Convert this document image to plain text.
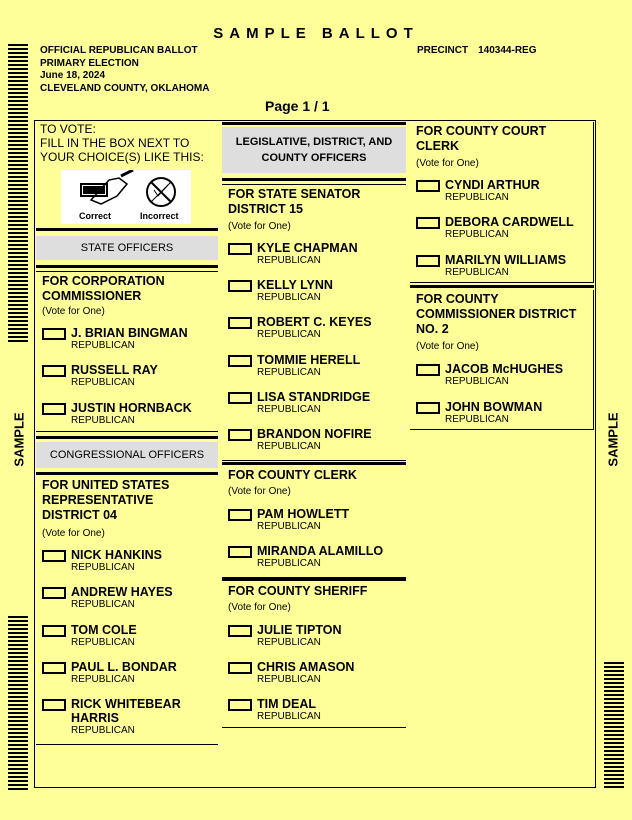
SAMPLE BALLOT
OFFICIAL REPUBLICAN BALLOT
PRIMARY ELECTION
June 18, 2024
CLEVELAND COUNTY, OKLAHOMA
PRECINCT 140344-REG
Page 1 / 1
SAMPLE	SAMPLE
TO VOTE:
FILL IN THE BOX NEXT TO YOUR CHOICE(S) LIKE THIS:
Correct	Incorrect
STATE OFFICERS
FOR CORPORATION COMMISSIONER
(Vote for One)
J. BRIAN BINGMAN
REPUBLICAN
RUSSELL RAY
REPUBLICAN
JUSTIN HORNBACK
REPUBLICAN
CONGRESSIONAL OFFICERS
FOR UNITED STATES REPRESENTATIVE DISTRICT 04
(Vote for One)
NICK HANKINS
REPUBLICAN
ANDREW HAYES
REPUBLICAN
TOM COLE
REPUBLICAN
PAUL L. BONDAR
REPUBLICAN
RICK WHITEBEAR HARRIS
REPUBLICAN
LEGISLATIVE, DISTRICT, AND COUNTY OFFICERS
FOR STATE SENATOR DISTRICT 15
(Vote for One)
KYLE CHAPMAN
REPUBLICAN
KELLY LYNN
REPUBLICAN
ROBERT C. KEYES
REPUBLICAN
TOMMIE HERELL
REPUBLICAN
LISA STANDRIDGE
REPUBLICAN
BRANDON NOFIRE
REPUBLICAN
FOR COUNTY CLERK
(Vote for One)
PAM HOWLETT
REPUBLICAN
MIRANDA ALAMILLO
REPUBLICAN
FOR COUNTY SHERIFF
(Vote for One)
JULIE TIPTON
REPUBLICAN
CHRIS AMASON
REPUBLICAN
TIM DEAL
REPUBLICAN
FOR COUNTY COURT CLERK
(Vote for One)
CYNDI ARTHUR
REPUBLICAN
DEBORA CARDWELL
REPUBLICAN
MARILYN WILLIAMS
REPUBLICAN
FOR COUNTY COMMISSIONER DISTRICT NO. 2
(Vote for One)
JACOB McHUGHES
REPUBLICAN
JOHN BOWMAN
REPUBLICAN
